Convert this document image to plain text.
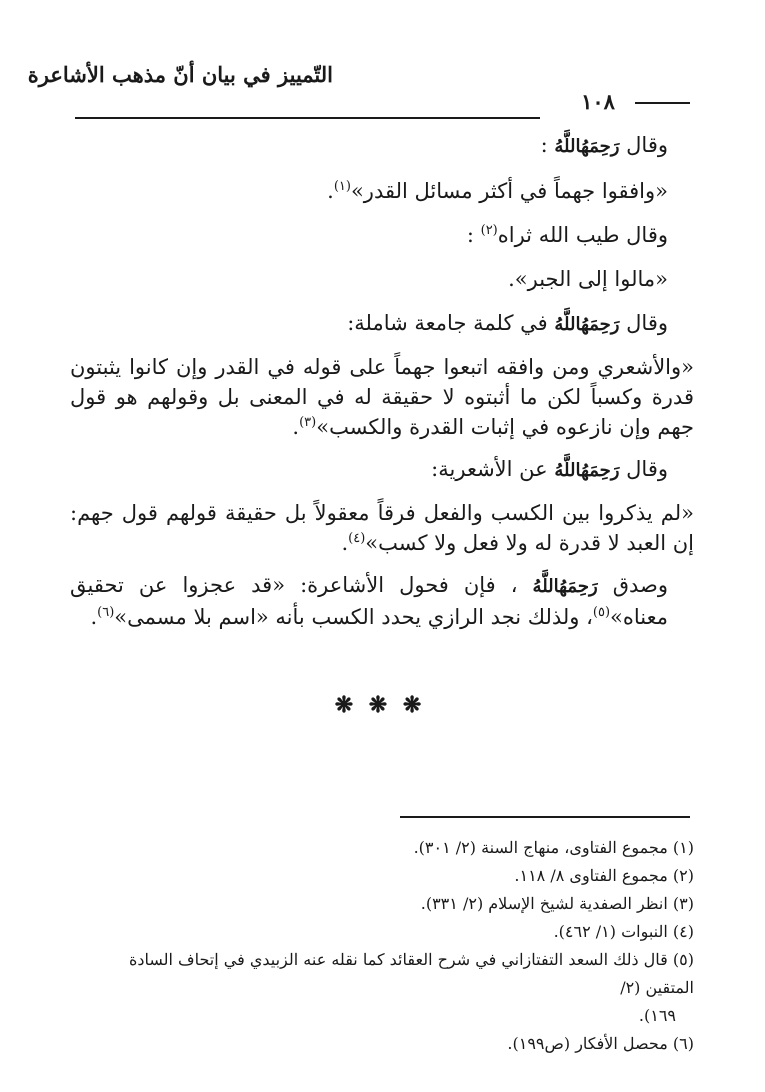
التّمييز في بيان أنّ مذهب الأشاعرة
١٠٨

وقال رَحِمَهُاللَّهُ :

«وافقوا جهماً في أكثر مسائل القدر»$^{(١)}$.

وقال طيب الله ثراه$^{(٢)}$ :

«مالوا إلى الجبر».

وقال رَحِمَهُاللَّهُ في كلمة جامعة شاملة:

«والأشعري ومن وافقه اتبعوا جهماً على قوله في القدر وإن كانوا يثبتون قدرة وكسباً لكن ما أثبتوه لا حقيقة له في المعنى بل وقولهم هو قول جهم وإن نازعوه في إثبات القدرة والكسب»$^{(٣)}$.

وقال رَحِمَهُاللَّهُ عن الأشعرية:

«لم يذكروا بين الكسب والفعل فرقاً معقولاً بل حقيقة قولهم قول جهم: إن العبد لا قدرة له ولا فعل ولا كسب»$^{(٤)}$.

وصدق رَحِمَهُاللَّهُ ، فإن فحول الأشاعرة: «قد عجزوا عن تحقيق معناه»$^{(٥)}$، ولذلك نجد الرازي يحدد الكسب بأنه «اسم بلا مسمى»$^{(٦)}$.

❋ ❋ ❋

(١) مجموع الفتاوى، منهاج السنة (٢/ ٣٠١).

(٢) مجموع الفتاوى ٨/ ١١٨.

(٣) انظر الصفدية لشيخ الإسلام (٢/ ٣٣١).

(٤) النبوات (١/ ٤٦٢).

(٥) قال ذلك السعد التفتازاني في شرح العقائد كما نقله عنه الزبيدي في إتحاف السادة المتقين (٢/

١٦٩).

(٦) محصل الأفكار (ص١٩٩).
